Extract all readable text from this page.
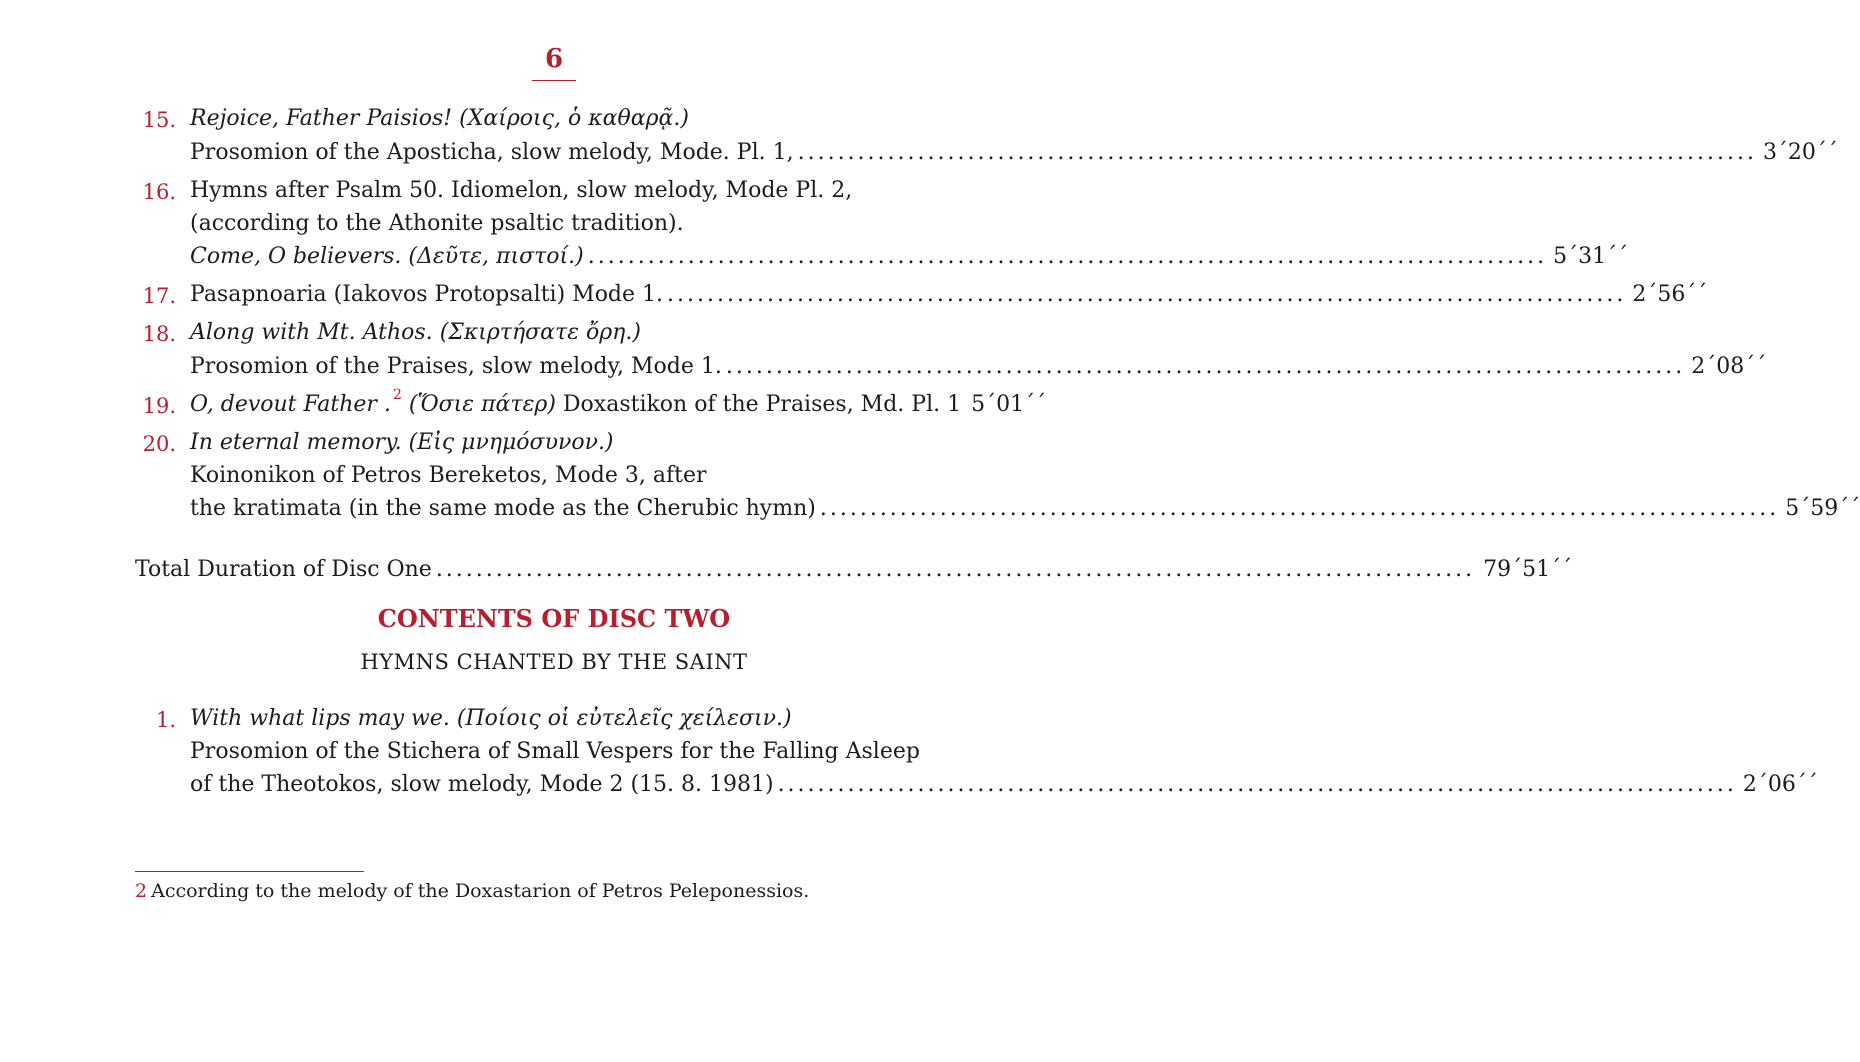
6
15. Rejoice, Father Paisios! (Χαίροις, ὁ καθαρᾷ.)
Prosomion of the Aposticha, slow melody, Mode. Pl. 1, ................................................................................................ 3΄20΄΄
16. Hymns after Psalm 50. Idiomelon, slow melody, Mode Pl. 2,
(according to the Athonite psaltic tradition).
Come, O believers. (Δεῦτε, πιστοί.) ................................................................................................ 5΄31΄΄
17. Pasapnoaria (Iakovos Protopsalti) Mode 1. ................................................................................................ 2΄56΄΄
18. Along with Mt. Athos. (Σκιρτήσατε ὄρη.)
Prosomion of the Praises, slow melody, Mode 1. ................................................................................................ 2΄08΄΄
19. O, devout Father . $^2$ (Ὅσιε πάτερ) Doxastikon of the Praises, Md. Pl. 1 5΄01΄΄
20. In eternal memory. (Εἰς μνημόσυνον.)
Koinonikon of Petros Bereketos, Mode 3, after
the kratimata (in the same mode as the Cherubic hymn) ................................................................................................ 5΄59΄΄
Total Duration of Disc One ........................................................................................................ 79΄51΄΄
CONTENTS OF DISC TWO
HYMNS CHANTED BY THE SAINT
1. With what lips may we. (Ποίοις οἱ εὐτελεῖς χείλεσιν.)
Prosomion of the Stichera of Small Vespers for the Falling Asleep
of the Theotokos, slow melody, Mode 2 (15. 8. 1981) ................................................................................................ 2΄06΄΄
2 According to the melody of the Doxastarion of Petros Peleponessios.
